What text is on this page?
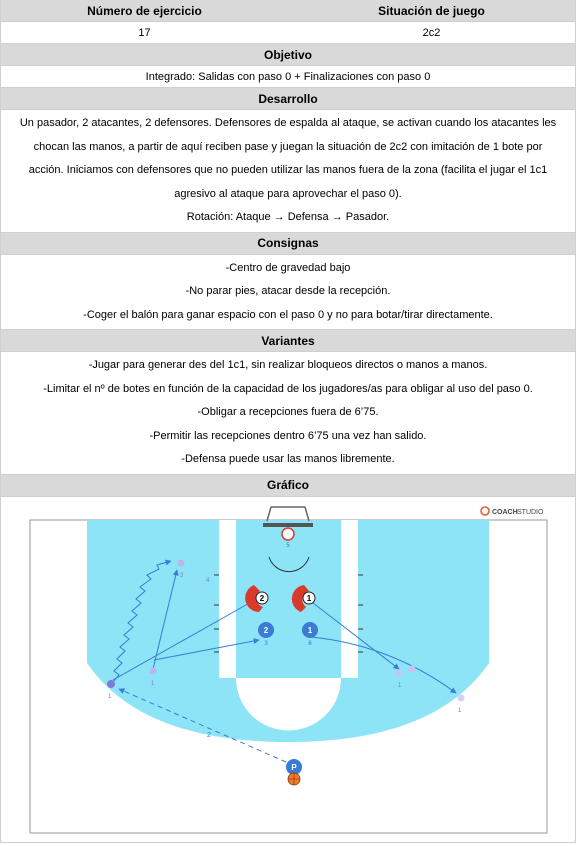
Número de ejercicio	Situación de juego
17	2c2
Objetivo
Integrado: Salidas con paso 0 + Finalizaciones con paso 0
Desarrollo

Un pasador, 2 atacantes, 2 defensores. Defensores de espalda al ataque, se activan cuando los atacantes les

chocan las manos, a partir de aquí reciben pase y juegan la situación de 2c2 con imitación de 1 bote por

acción. Iniciamos con defensores que no pueden utilizar las manos fuera de la zona (facilita el jugar el 1c1

agresivo al ataque para aprovechar el paso 0).

Rotación: Ataque → Defensa → Pasador.

Consignas

-Centro de gravedad bajo

-No parar pies, atacar desde la recepción.

-Coger el balón para ganar espacio con el paso 0 y no para botar/tirar directamente.

Variantes

-Jugar para generar des del 1c1, sin realizar bloqueos directos o manos a manos.

-Limitar el nº de botes en función de la capacidad de los jugadores/as para obligar al uso del paso 0.

-Obligar a recepciones fuera de 6’75.

-Permitir las recepciones dentro 6’75 una vez han salido.

-Defensa puede usar las manos libremente.

Gráfico
5
COACH STUDIO
2
3
4
1
1
1
1
2	1
2
3
1
6
P
